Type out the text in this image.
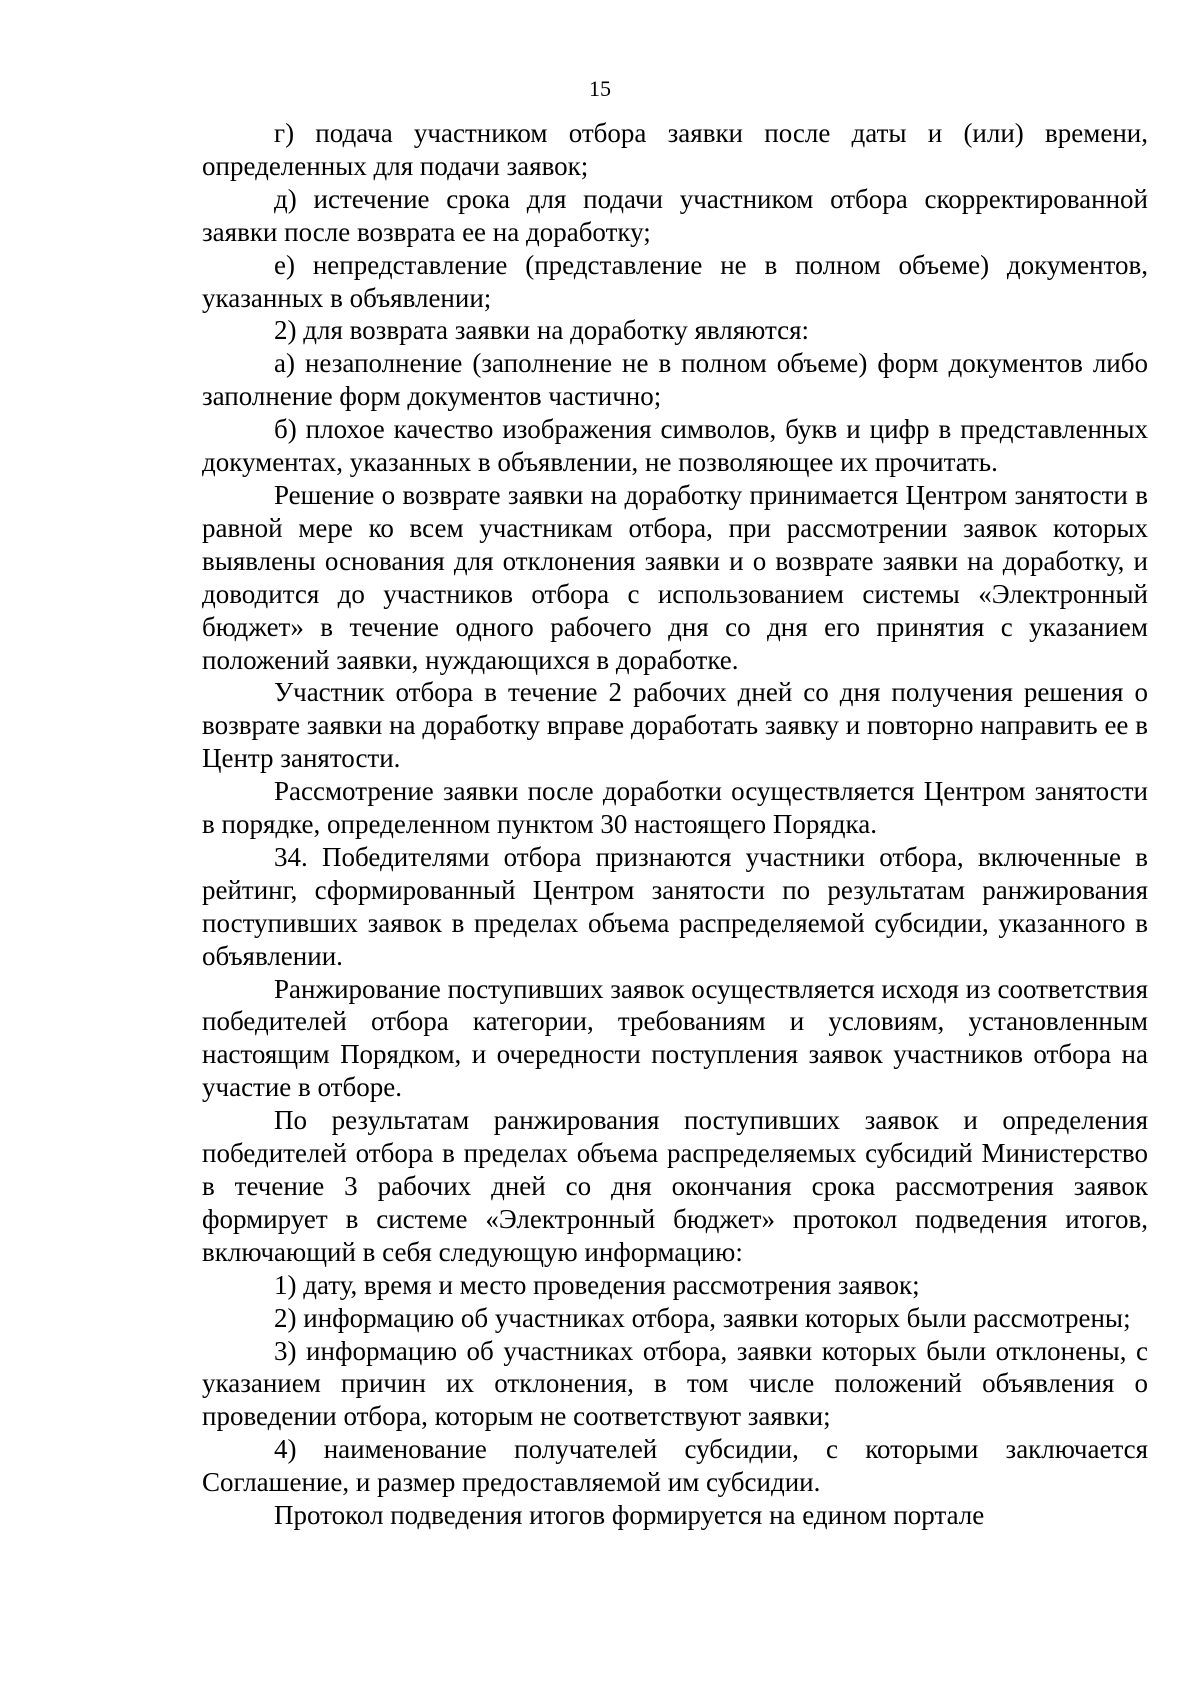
15

г) подача участником отбора заявки после даты и (или) времени, определенных для подачи заявок;

д) истечение срока для подачи участником отбора скорректированной заявки после возврата ее на доработку;

е) непредставление (представление не в полном объеме) документов, указанных в объявлении;

2) для возврата заявки на доработку являются:

а) незаполнение (заполнение не в полном объеме) форм документов либо заполнение форм документов частично;

б) плохое качество изображения символов, букв и цифр в представленных документах, указанных в объявлении, не позволяющее их прочитать.

Решение о возврате заявки на доработку принимается Центром занятости в равной мере ко всем участникам отбора, при рассмотрении заявок которых выявлены основания для отклонения заявки и о возврате заявки на доработку, и доводится до участников отбора с использованием системы «Электронный бюджет» в течение одного рабочего дня со дня его принятия с указанием положений заявки, нуждающихся в доработке.

Участник отбора в течение 2 рабочих дней со дня получения решения о возврате заявки на доработку вправе доработать заявку и повторно направить ее в Центр занятости.

Рассмотрение заявки после доработки осуществляется Центром занятости в порядке, определенном пунктом 30 настоящего Порядка.

34. Победителями отбора признаются участники отбора, включенные в рейтинг, сформированный Центром занятости по результатам ранжирования поступивших заявок в пределах объема распределяемой субсидии, указанного в объявлении.

Ранжирование поступивших заявок осуществляется исходя из соответствия победителей отбора категории, требованиям и условиям, установленным настоящим Порядком, и очередности поступления заявок участников отбора на участие в отборе.

По результатам ранжирования поступивших заявок и определения победителей отбора в пределах объема распределяемых субсидий Министерство в течение 3 рабочих дней со дня окончания срока рассмотрения заявок формирует в системе «Электронный бюджет» протокол подведения итогов, включающий в себя следующую информацию:

1) дату, время и место проведения рассмотрения заявок;

2) информацию об участниках отбора, заявки которых были рассмотрены;

3) информацию об участниках отбора, заявки которых были отклонены, с указанием причин их отклонения, в том числе положений объявления о проведении отбора, которым не соответствуют заявки;

4) наименование получателей субсидии, с которыми заключается Соглашение, и размер предоставляемой им субсидии.

Протокол подведения итогов формируется на едином портале
